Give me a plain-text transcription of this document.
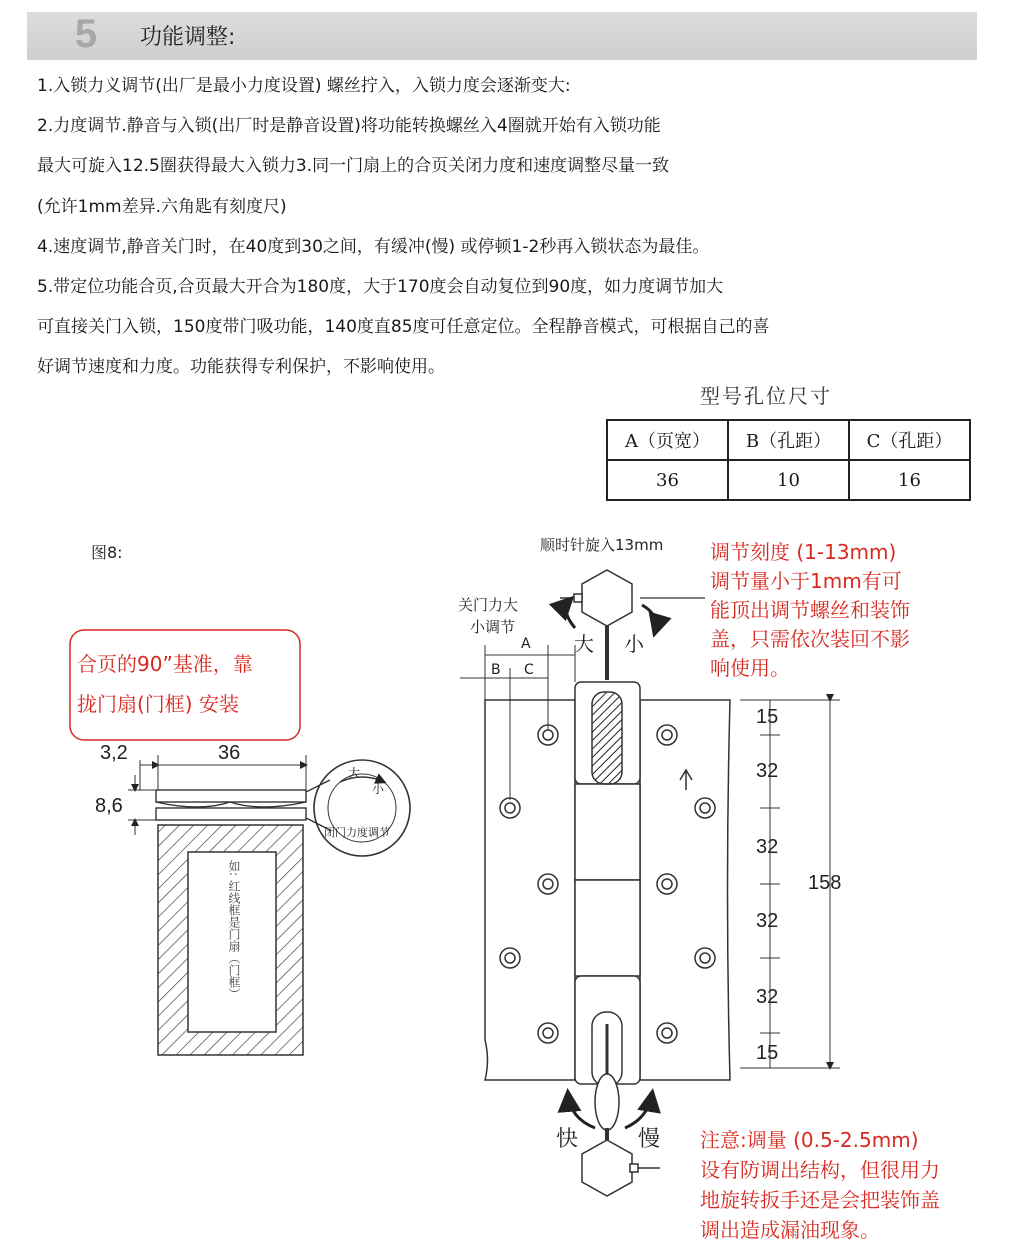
5	功能调整:
1.入锁力义调节(出厂是最小力度设置) 螺丝拧入，入锁力度会逐渐变大:
2.力度调节.静音与入锁(出厂时是静音设置)将功能转换螺丝入4圈就开始有入锁功能
最大可旋入12.5圈获得最大入锁力3.同一门扇上的合页关闭力度和速度调整尽量一致
(允许1mm差异.六角匙有刻度尺)
4.速度调节,静音关门时，在40度到30之间，有缓冲(慢) 或停顿1-2秒再入锁状态为最佳。
5.带定位功能合页,合页最大开合为180度，大于170度会自动复位到90度，如力度调节加大
可直接关门入锁，150度带门吸功能，140度直85度可任意定位。全程静音模式，可根据自己的喜
好调节速度和力度。功能获得专利保护，不影响使用。
型号孔位尺寸
A（页宽）	B（孔距）	C（孔距）
36	10	16
图8:
合页的90”基准，靠
拢门扇(门框) 安装
3,2	36
8,6
大
小
闭门力度调节
如: 红线框是门扇（门框）
顺时针旋入13mm
关门力大
小调节
大 小
A
B C
15
32
32
32
32
15
158
快	慢
调节刻度 (1-13mm)
调节量小于1mm有可
能顶出调节螺丝和装饰
盖，只需依次装回不影
响使用。
注意:调量 (0.5-2.5mm)
设有防调出结构，但很用力
地旋转扳手还是会把装饰盖
调出造成漏油现象。
